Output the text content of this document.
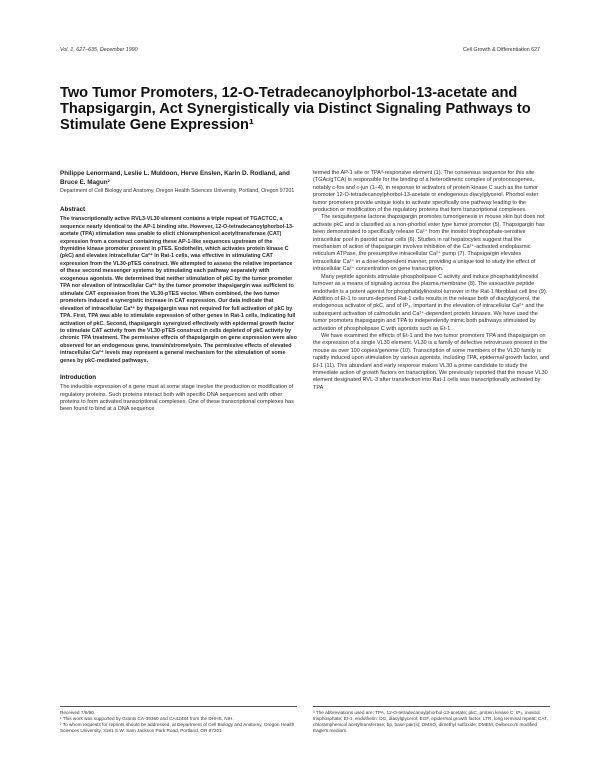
Vol. 1, 627–635, December 1990	Cell Growth & Differentiation 627
Two Tumor Promoters, 12-O-Tetradecanoylphorbol-13-acetate and Thapsigargin, Act Synergistically via Distinct Signaling Pathways to Stimulate Gene Expression¹

Philippe Lenormand, Leslie L. Muldoon, Herve Enslen, Karin D. Rodland, and Bruce E. Magun²

Department of Cell Biology and Anatomy, Oregon Health Sciences University, Portland, Oregon 97201

Abstract

The transcriptionally active RVL3-VL30 element contains a triple repeat of TGACTCC, a sequence nearly identical to the AP-1 binding site. However, 12-O-tetradecanoylphorbol-13-acetate (TPA) stimulation was unable to elicit chloramphenicol acetyltransferase (CAT) expression from a construct containing these AP-1-like sequences upstream of the thymidine kinase promoter present in pTES. Endothelin, which activates protein kinase C (pkC) and elevates intracellular Ca²⁺ in Rat-1 cells, was effective in stimulating CAT expression from the VL30-pTES construct. We attempted to assess the relative importance of these second messenger systems by stimulating each pathway separately with exogenous agonists. We determined that neither stimulation of pkC by the tumor promoter TPA nor elevation of intracellular Ca²⁺ by the tumor promoter thapsigargin was sufficient to stimulate CAT expression from the VL30-pTES vector. When combined, the two tumor promoters induced a synergistic increase in CAT expression. Our data indicate that elevation of intracellular Ca²⁺ by thapsigargin was not required for full activation of pkC by TPA. First, TPA was able to stimulate expression of other genes in Rat-1 cells, indicating full activation of pkC. Second, thapsigargin synergized effectively with epidermal growth factor to stimulate CAT activity from the VL30-pTES construct in cells depleted of pkC activity by chronic TPA treatment. The permissive effects of thapsigargin on gene expression were also observed for an endogenous gene, transin/stromelysin. The permissive effects of elevated intracellular Ca²⁺ levels may represent a general mechanism for the stimulation of some genes by pkC-mediated pathways.

Introduction

The inducible expression of a gene must at some stage involve the production or modification of regulatory proteins. Such proteins interact both with specific DNA sequences and with other proteins to form activated transcriptional complexes. One of these transcriptional complexes has been found to bind at a DNA sequence

termed the AP-1 site or TPA³-responsive element (1). The consensus sequence for this site (TGAc/gTCA) is responsible for the binding of a heterodimeric complex of protooncogenes, notably c-fos and c-jun (1–4), in response to activators of protein kinase C such as the tumor promoter 12-O-tetradecanoylphorbol-13-acetate or endogenous diacylglycerol. Phorbol ester tumor promoters provide unique tools to activate specifically one pathway leading to the production or modification of the regulatory proteins that form transcriptional complexes.

The sesquiterpene lactone thapsigargin promotes tumorigenesis in mouse skin but does not activate pkC and is classified as a non-phorbol ester type tumor promoter (5). Thapsigargin has been demonstrated to specifically release Ca²⁺ from the inositol trisphosphate-sensitive intracellular pool in parotid acinar cells (6). Studies in rat hepatocytes suggest that the mechanism of action of thapsigargin involves inhibition of the Ca²⁺-activated endoplasmic reticulum ATPase, the presumptive intracellular Ca²⁺ pump (7). Thapsigargin elevates intracellular Ca²⁺ in a dose-dependent manner, providing a unique tool to study the effect of intracellular Ca²⁺ concentration on gene transcription.

Many peptide agonists stimulate phospholipase C activity and induce phosphatidylinositol turnover as a means of signaling across the plasma membrane (8). The vasoactive peptide endothelin is a potent agonist for phosphatidylinositol turnover in the Rat-1 fibroblast cell line (9). Addition of Et-1 to serum-deprived Rat-1 cells results in the release both of diacylglycerol, the endogenous activator of pkC, and of IP₃, important in the elevation of intracellular Ca²⁺ and the subsequent activation of calmodulin and Ca²⁺-dependent protein kinases. We have used the tumor promoters thapsigargin and TPA to independently mimic both pathways stimulated by activation of phospholipase C with agonists such as Et-1.

We have examined the effects of Et-1 and the two tumor promoters TPA and thapsigargin on the expression of a single VL30 element. VL30 is a family of defective retroviruses present in the mouse as over 100 copies/genome (10). Transcription of some members of the VL30 family is rapidly induced upon stimulation by various agonists, including TPA, epidermal growth factor, and Et-1 (11). This abundant and early response makes VL30 a prime candidate to study the immediate action of growth factors on transcription. We previously reported that the mouse VL30 element designated RVL-3 after transfection into Rat-1 cells was transcriptionally activated by TPA

Received 7/6/90.

¹ This work was supported by Grants CA-39360 and CA42484 from the DHHS, NIH.

² To whom requests for reprints should be addressed, at Department of Cell Biology and Anatomy, Oregon Health Sciences University, 3181 S.W. Sam Jackson Park Road, Portland, OR 97201.

³ The abbreviations used are: TPA, 12-O-tetradecanoylphorbol-13-acetate; pkC, protein kinase C; IP₃, inositol trisphosphate; Et-1, endothelin; DG, diacylglycerol; EGF, epidermal growth factor; LTR, long terminal repeat; CAT, chloramphenicol acetyltransferase; bp, base pair(s); DMSO, dimethyl sulfoxide; DMEM, Dulbecco's modified Eagle's medium.
